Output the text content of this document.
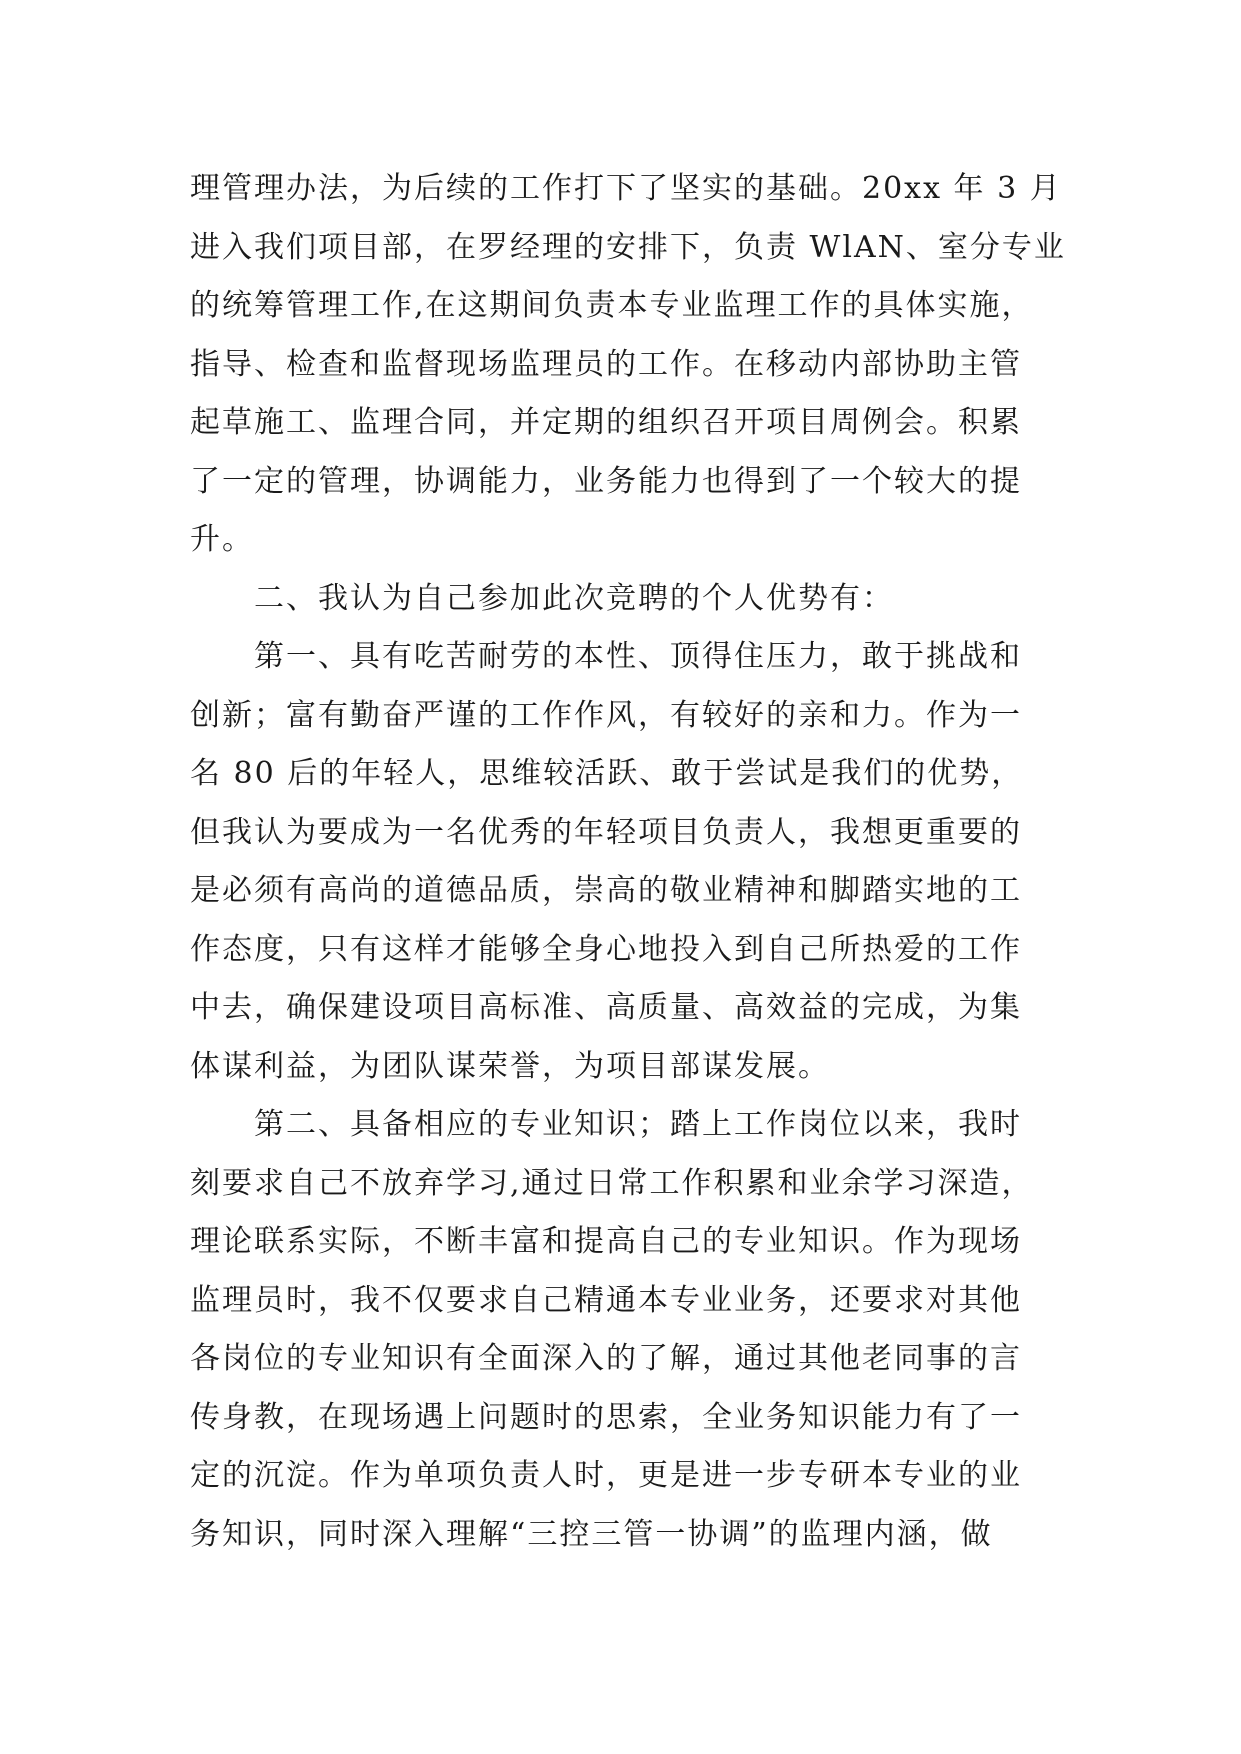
理管理办法，为后续的工作打下了坚实的基础。20xx 年 3 月
进入我们项目部，在罗经理的安排下，负责 WlAN、室分专业
的统筹管理工作,在这期间负责本专业监理工作的具体实施，
指导、检查和监督现场监理员的工作。在移动内部协助主管
起草施工、监理合同，并定期的组织召开项目周例会。积累
了一定的管理，协调能力，业务能力也得到了一个较大的提
升。
二、我认为自己参加此次竞聘的个人优势有：
第一、具有吃苦耐劳的本性、顶得住压力，敢于挑战和
创新；富有勤奋严谨的工作作风，有较好的亲和力。作为一
名 80 后的年轻人，思维较活跃、敢于尝试是我们的优势，
但我认为要成为一名优秀的年轻项目负责人，我想更重要的
是必须有高尚的道德品质，崇高的敬业精神和脚踏实地的工
作态度，只有这样才能够全身心地投入到自己所热爱的工作
中去，确保建设项目高标准、高质量、高效益的完成，为集
体谋利益，为团队谋荣誉，为项目部谋发展。
第二、具备相应的专业知识；踏上工作岗位以来，我时
刻要求自己不放弃学习,通过日常工作积累和业余学习深造，
理论联系实际，不断丰富和提高自己的专业知识。作为现场
监理员时，我不仅要求自己精通本专业业务，还要求对其他
各岗位的专业知识有全面深入的了解，通过其他老同事的言
传身教，在现场遇上问题时的思索，全业务知识能力有了一
定的沉淀。作为单项负责人时，更是进一步专研本专业的业
务知识，同时深入理解“三控三管一协调”的监理内涵，做
